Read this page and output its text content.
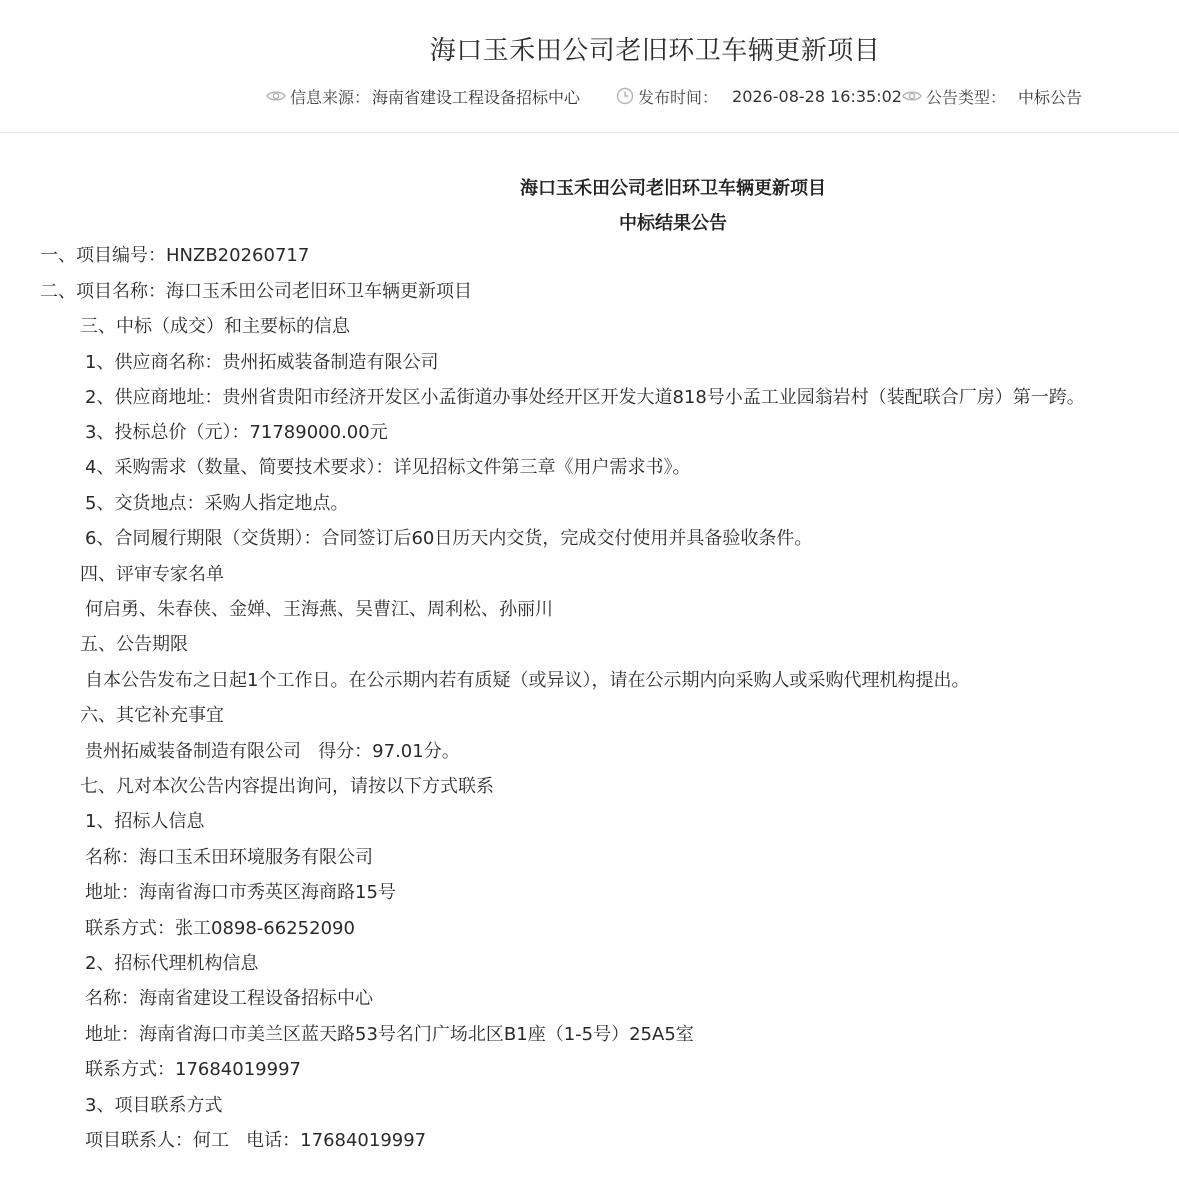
海口玉禾田公司老旧环卫车辆更新项目
信息来源： 海南省建设工程设备招标中心	发布时间： 2026-08-28 16:35:02 公告类型： 中标公告
海口玉禾田公司老旧环卫车辆更新项目
中标结果公告
一、项目编号：HNZB20260717
二、项目名称：海口玉禾田公司老旧环卫车辆更新项目
三、中标（成交）和主要标的信息
1、供应商名称：贵州拓威装备制造有限公司
2、供应商地址：贵州省贵阳市经济开发区小孟街道办事处经开区开发大道818号小孟工业园翁岩村（装配联合厂房）第一跨。
3、投标总价（元）：71789000.00元
4、采购需求（数量、简要技术要求）：详见招标文件第三章《用户需求书》。
5、交货地点：采购人指定地点。
6、合同履行期限（交货期）：合同签订后60日历天内交货，完成交付使用并具备验收条件。
四、评审专家名单
何启勇、朱春侠、金婵、王海燕、吴曹江、周利松、孙丽川
五、公告期限
自本公告发布之日起1个工作日。在公示期内若有质疑（或异议），请在公示期内向采购人或采购代理机构提出。
六、其它补充事宜
贵州拓威装备制造有限公司   得分：97.01分。
七、凡对本次公告内容提出询问，请按以下方式联系
1、招标人信息
名称：海口玉禾田环境服务有限公司
地址：海南省海口市秀英区海商路15号
联系方式：张工0898-66252090
2、招标代理机构信息
名称：海南省建设工程设备招标中心
地址：海南省海口市美兰区蓝天路53号名门广场北区B1座（1-5号）25A5室
联系方式：17684019997
3、项目联系方式
项目联系人：何工   电话：17684019997
